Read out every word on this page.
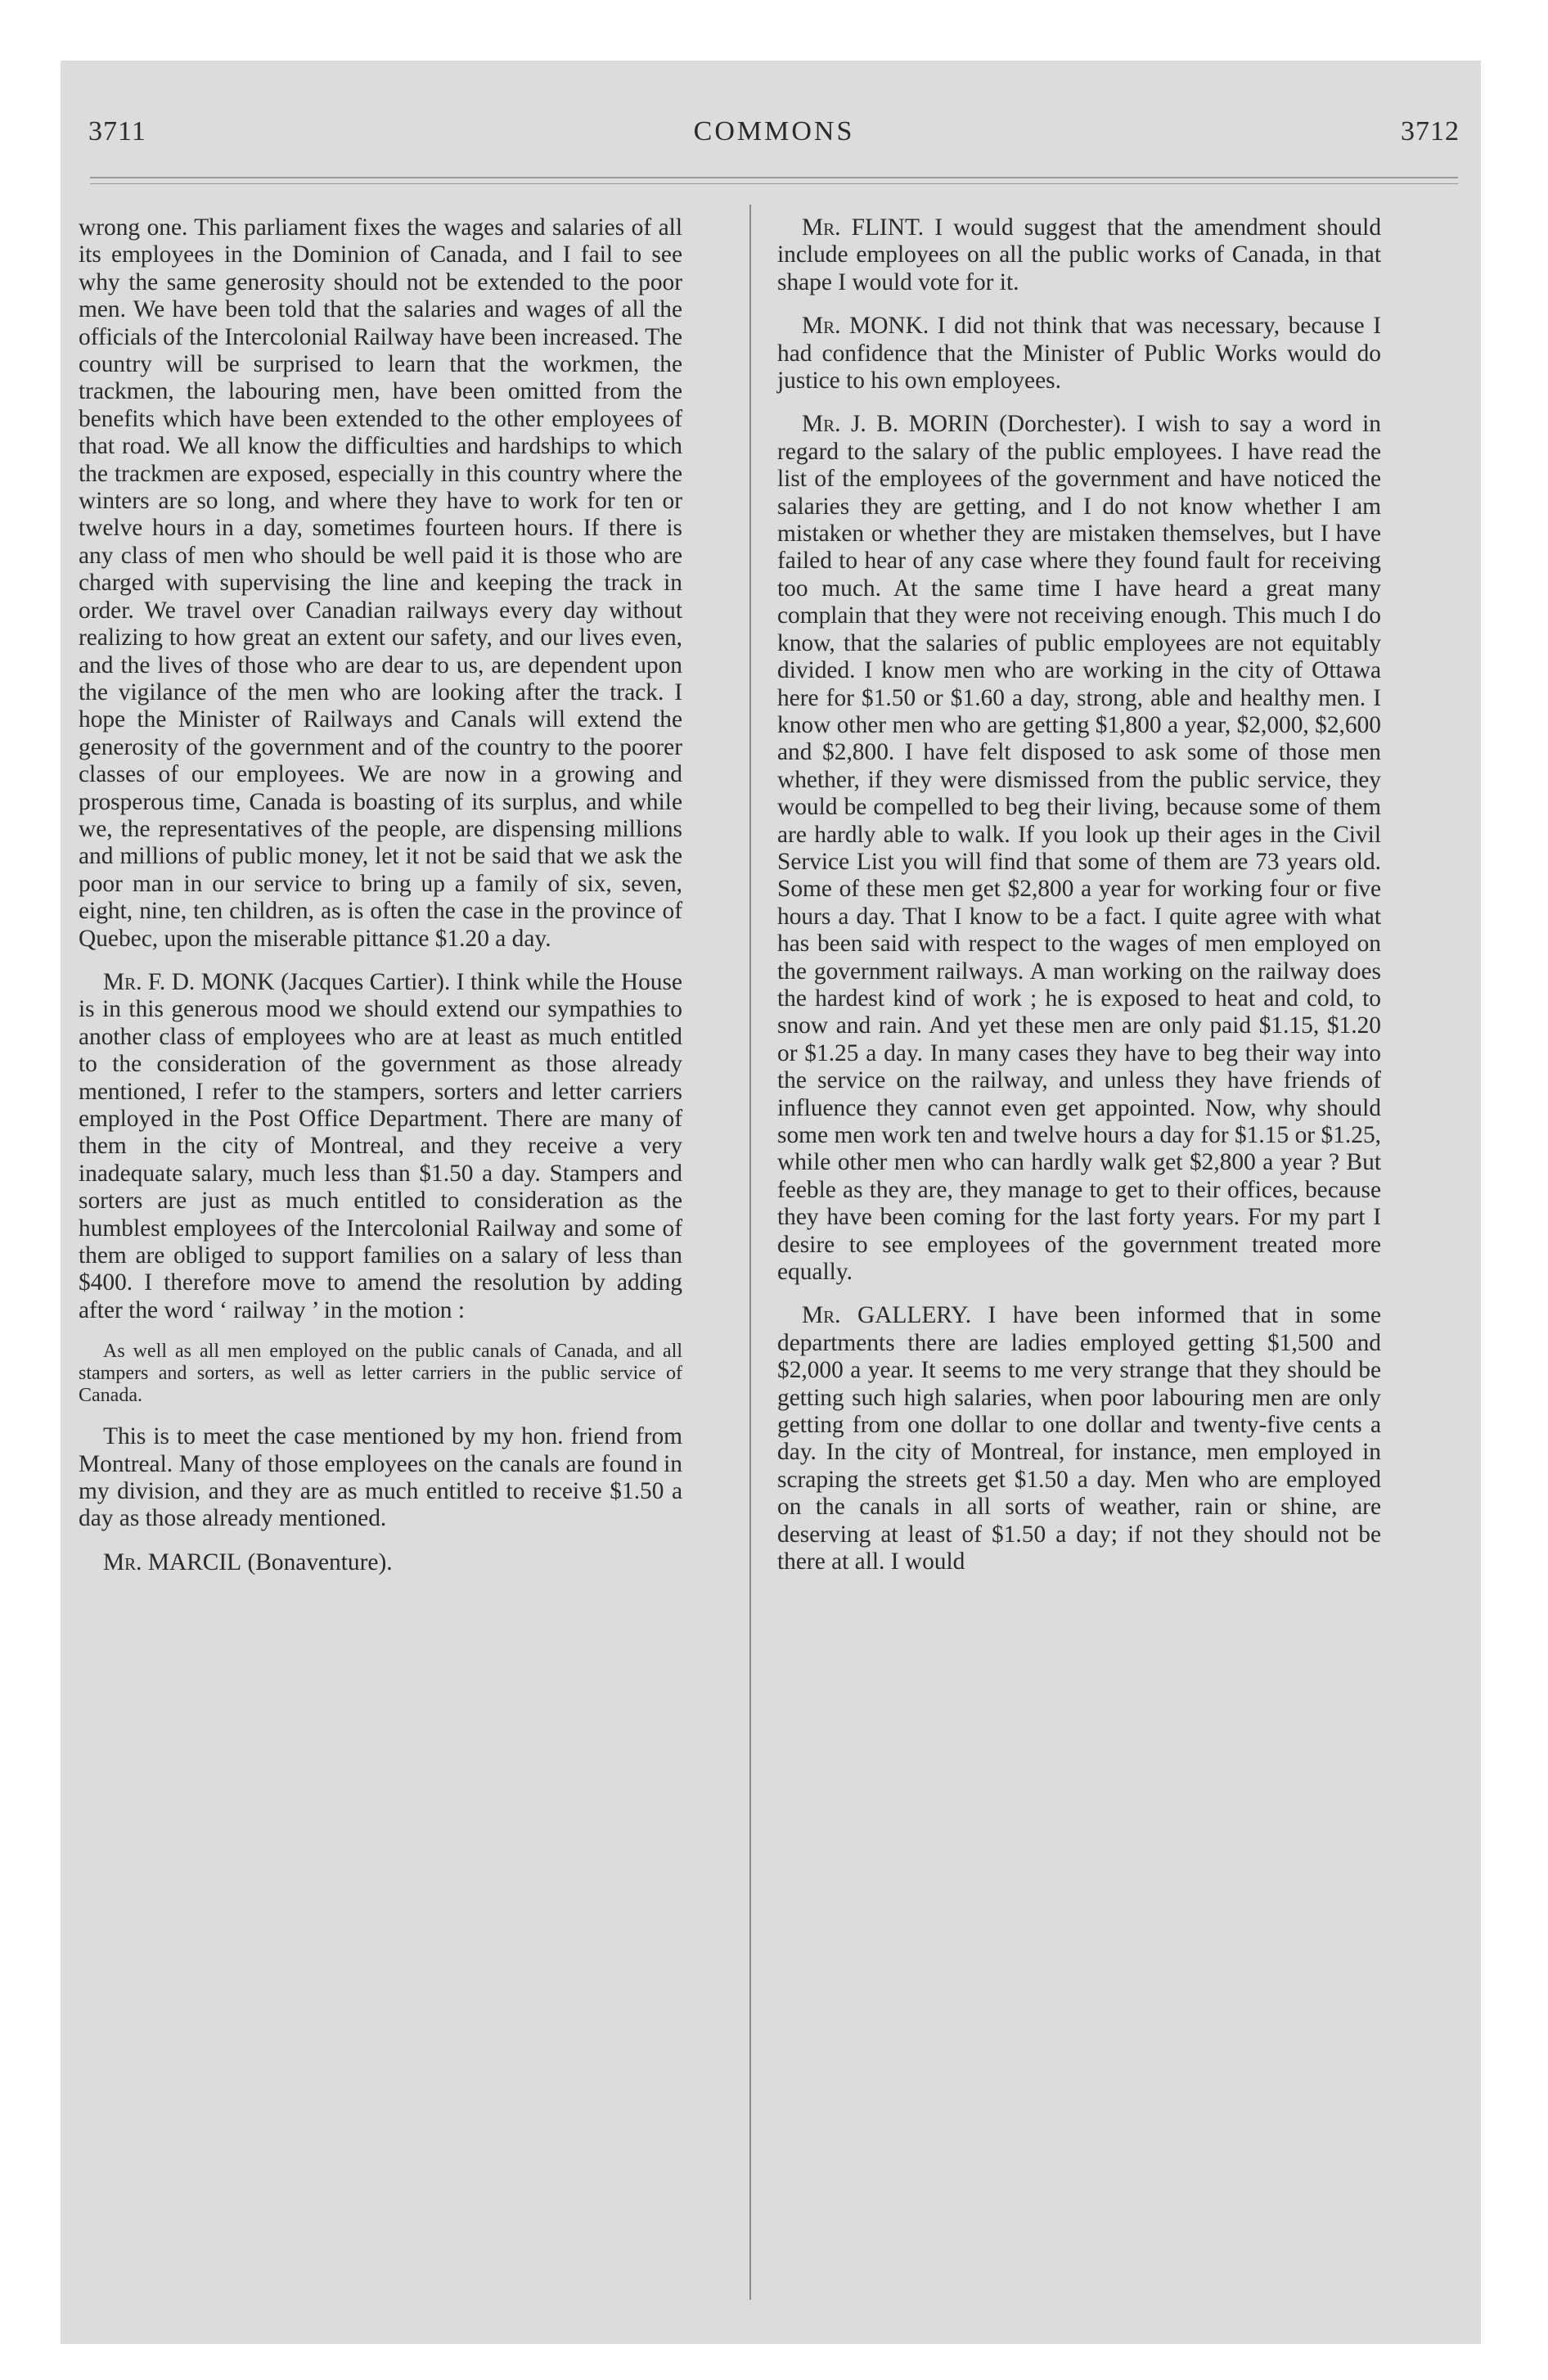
3711	COMMONS	3712

wrong one. This parliament fixes the wages and salaries of all its employees in the Dominion of Canada, and I fail to see why the same generosity should not be extended to the poor men. We have been told that the salaries and wages of all the officials of the Intercolonial Railway have been increased. The country will be surprised to learn that the workmen, the trackmen, the labouring men, have been omitted from the benefits which have been extended to the other employees of that road. We all know the difficulties and hardships to which the trackmen are exposed, especially in this country where the winters are so long, and where they have to work for ten or twelve hours in a day, sometimes fourteen hours. If there is any class of men who should be well paid it is those who are charged with supervising the line and keeping the track in order. We travel over Canadian railways every day without realizing to how great an extent our safety, and our lives even, and the lives of those who are dear to us, are dependent upon the vigilance of the men who are looking after the track. I hope the Minister of Railways and Canals will extend the generosity of the government and of the country to the poorer classes of our employees. We are now in a growing and prosperous time, Canada is boasting of its surplus, and while we, the representatives of the people, are dispensing millions and millions of public money, let it not be said that we ask the poor man in our service to bring up a family of six, seven, eight, nine, ten children, as is often the case in the province of Quebec, upon the miserable pittance $1.20 a day.

Mr. F. D. MONK (Jacques Cartier). I think while the House is in this generous mood we should extend our sympathies to another class of employees who are at least as much entitled to the consideration of the government as those already mentioned, I refer to the stampers, sorters and letter carriers employed in the Post Office Department. There are many of them in the city of Montreal, and they receive a very inadequate salary, much less than $1.50 a day. Stampers and sorters are just as much entitled to consideration as the humblest employees of the Intercolonial Railway and some of them are obliged to support families on a salary of less than $400. I therefore move to amend the resolution by adding after the word ‘ railway ’ in the motion :

As well as all men employed on the public canals of Canada, and all stampers and sorters, as well as letter carriers in the public service of Canada.

This is to meet the case mentioned by my hon. friend from Montreal. Many of those employees on the canals are found in my division, and they are as much entitled to receive $1.50 a day as those already mentioned.

Mr. MARCIL (Bonaventure).

Mr. FLINT. I would suggest that the amendment should include employees on all the public works of Canada, in that shape I would vote for it.

Mr. MONK. I did not think that was necessary, because I had confidence that the Minister of Public Works would do justice to his own employees.

Mr. J. B. MORIN (Dorchester). I wish to say a word in regard to the salary of the public employees. I have read the list of the employees of the government and have noticed the salaries they are getting, and I do not know whether I am mistaken or whether they are mistaken themselves, but I have failed to hear of any case where they found fault for receiving too much. At the same time I have heard a great many complain that they were not receiving enough. This much I do know, that the salaries of public employees are not equitably divided. I know men who are working in the city of Ottawa here for $1.50 or $1.60 a day, strong, able and healthy men. I know other men who are getting $1,800 a year, $2,000, $2,600 and $2,800. I have felt disposed to ask some of those men whether, if they were dismissed from the public service, they would be compelled to beg their living, because some of them are hardly able to walk. If you look up their ages in the Civil Service List you will find that some of them are 73 years old. Some of these men get $2,800 a year for working four or five hours a day. That I know to be a fact. I quite agree with what has been said with respect to the wages of men employed on the government railways. A man working on the railway does the hardest kind of work ; he is exposed to heat and cold, to snow and rain. And yet these men are only paid $1.15, $1.20 or $1.25 a day. In many cases they have to beg their way into the service on the railway, and unless they have friends of influence they cannot even get appointed. Now, why should some men work ten and twelve hours a day for $1.15 or $1.25, while other men who can hardly walk get $2,800 a year ? But feeble as they are, they manage to get to their offices, because they have been coming for the last forty years. For my part I desire to see employees of the government treated more equally.

Mr. GALLERY. I have been informed that in some departments there are ladies employed getting $1,500 and $2,000 a year. It seems to me very strange that they should be getting such high salaries, when poor labouring men are only getting from one dollar to one dollar and twenty-five cents a day. In the city of Montreal, for instance, men employed in scraping the streets get $1.50 a day. Men who are employed on the canals in all sorts of weather, rain or shine, are deserving at least of $1.50 a day; if not they should not be there at all. I would
